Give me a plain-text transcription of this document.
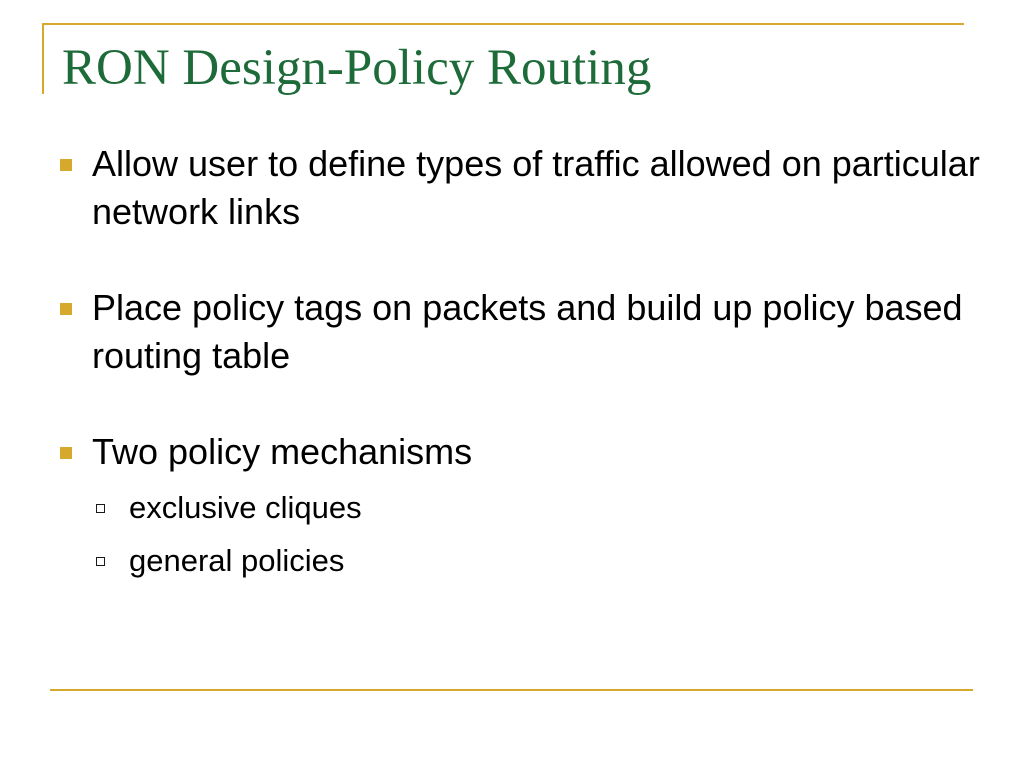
RON Design-Policy Routing
Allow user to define types of traffic allowed on particular network links
Place policy tags on packets and build up policy based routing table
Two policy mechanisms
exclusive cliques
general policies
